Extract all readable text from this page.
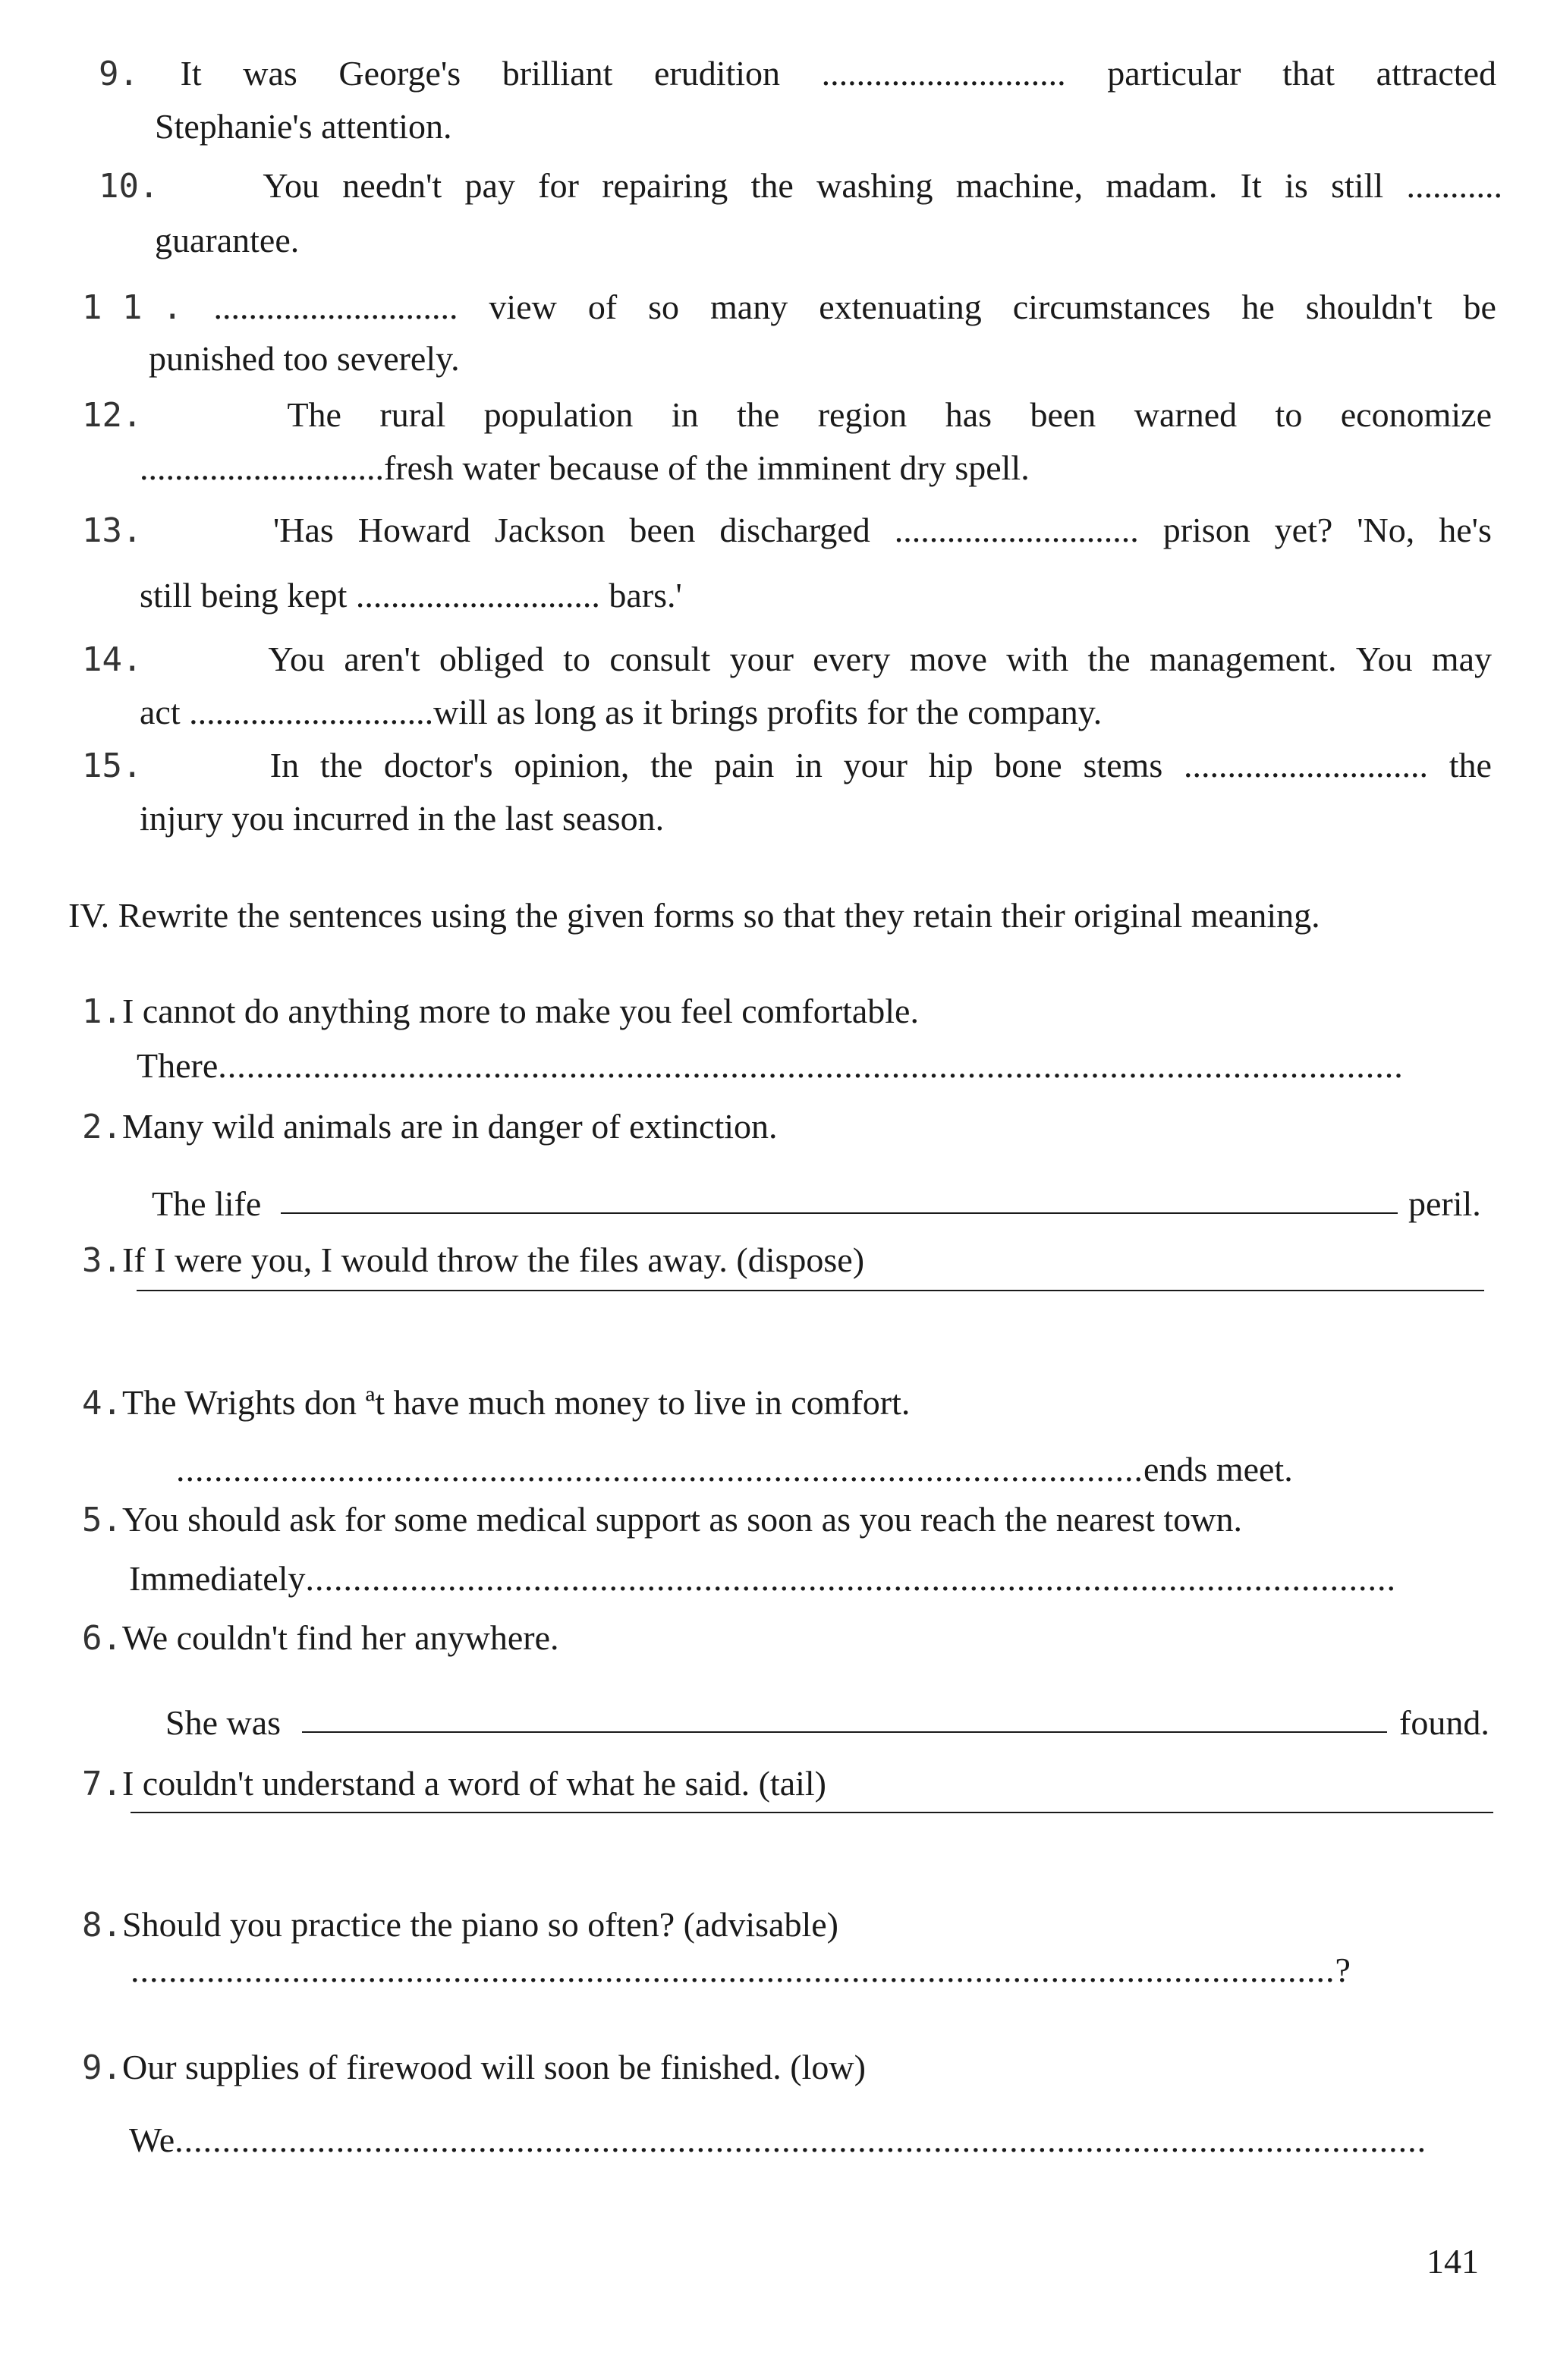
9. It was George's brilliant erudition ............................ particular that attracted
Stephanie's attention.
10.	You needn't pay for repairing the washing machine, madam. It is still ...........
guarantee.
1 1 . ............................ view of so many extenuating circumstances he shouldn't be
punished too severely.
12.	The rural population in the region has been warned to economize
............................fresh water because of the imminent dry spell.
13.	'Has Howard Jackson been discharged ............................ prison yet? 'No, he's
still being kept ............................ bars.'
14.	You aren't obliged to consult your every move with the management. You may
act ............................will as long as it brings profits for the company.
15.	In the doctor's opinion, the pain in your hip bone stems ............................ the
injury you incurred in the last season.
IV. Rewrite the sentences using the given forms so that they retain their original meaning.
1.I cannot do anything more to make you feel comfortable.
There.............................................................................................................................
2.Many wild animals are in danger of extinction.
The life	peril.
3.If I were you, I would throw the files away. (dispose)
4.The Wrights don ªt have much money to live in comfort.
......................................................................................................ends meet.
5.You should ask for some medical support as soon as you reach the nearest town.
Immediately...................................................................................................................
6.We couldn't find her anywhere.
She was	found.
7.I couldn't understand a word of what he said. (tail)
8.Should you practice the piano so often? (advisable)
...............................................................................................................................?
9.Our supplies of firewood will soon be finished. (low)
We....................................................................................................................................
141
